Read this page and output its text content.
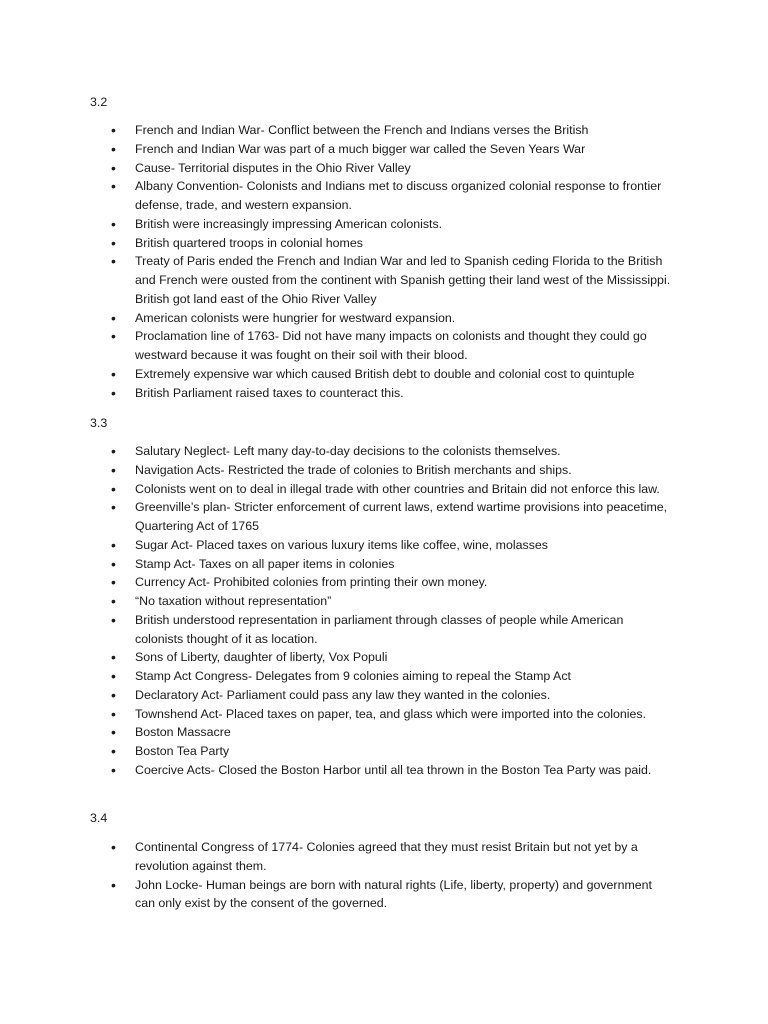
3.2
• French and Indian War- Conflict between the French and Indians verses the British
• French and Indian War was part of a much bigger war called the Seven Years War
• Cause- Territorial disputes in the Ohio River Valley
• Albany Convention- Colonists and Indians met to discuss organized colonial response to frontier defense, trade, and western expansion.
• British were increasingly impressing American colonists.
• British quartered troops in colonial homes
• Treaty of Paris ended the French and Indian War and led to Spanish ceding Florida to the British and French were ousted from the continent with Spanish getting their land west of the Mississippi. British got land east of the Ohio River Valley
• American colonists were hungrier for westward expansion.
• Proclamation line of 1763- Did not have many impacts on colonists and thought they could go westward because it was fought on their soil with their blood.
• Extremely expensive war which caused British debt to double and colonial cost to quintuple
• British Parliament raised taxes to counteract this.
3.3
• Salutary Neglect- Left many day-to-day decisions to the colonists themselves.
• Navigation Acts- Restricted the trade of colonies to British merchants and ships.
• Colonists went on to deal in illegal trade with other countries and Britain did not enforce this law.
• Greenville’s plan- Stricter enforcement of current laws, extend wartime provisions into peacetime, Quartering Act of 1765
• Sugar Act- Placed taxes on various luxury items like coffee, wine, molasses
• Stamp Act- Taxes on all paper items in colonies
• Currency Act- Prohibited colonies from printing their own money.
• “No taxation without representation”
• British understood representation in parliament through classes of people while American colonists thought of it as location.
• Sons of Liberty, daughter of liberty, Vox Populi
• Stamp Act Congress- Delegates from 9 colonies aiming to repeal the Stamp Act
• Declaratory Act- Parliament could pass any law they wanted in the colonies.
• Townshend Act- Placed taxes on paper, tea, and glass which were imported into the colonies.
• Boston Massacre
• Boston Tea Party
• Coercive Acts- Closed the Boston Harbor until all tea thrown in the Boston Tea Party was paid.
3.4
• Continental Congress of 1774- Colonies agreed that they must resist Britain but not yet by a revolution against them.
• John Locke- Human beings are born with natural rights (Life, liberty, property) and government can only exist by the consent of the governed.
